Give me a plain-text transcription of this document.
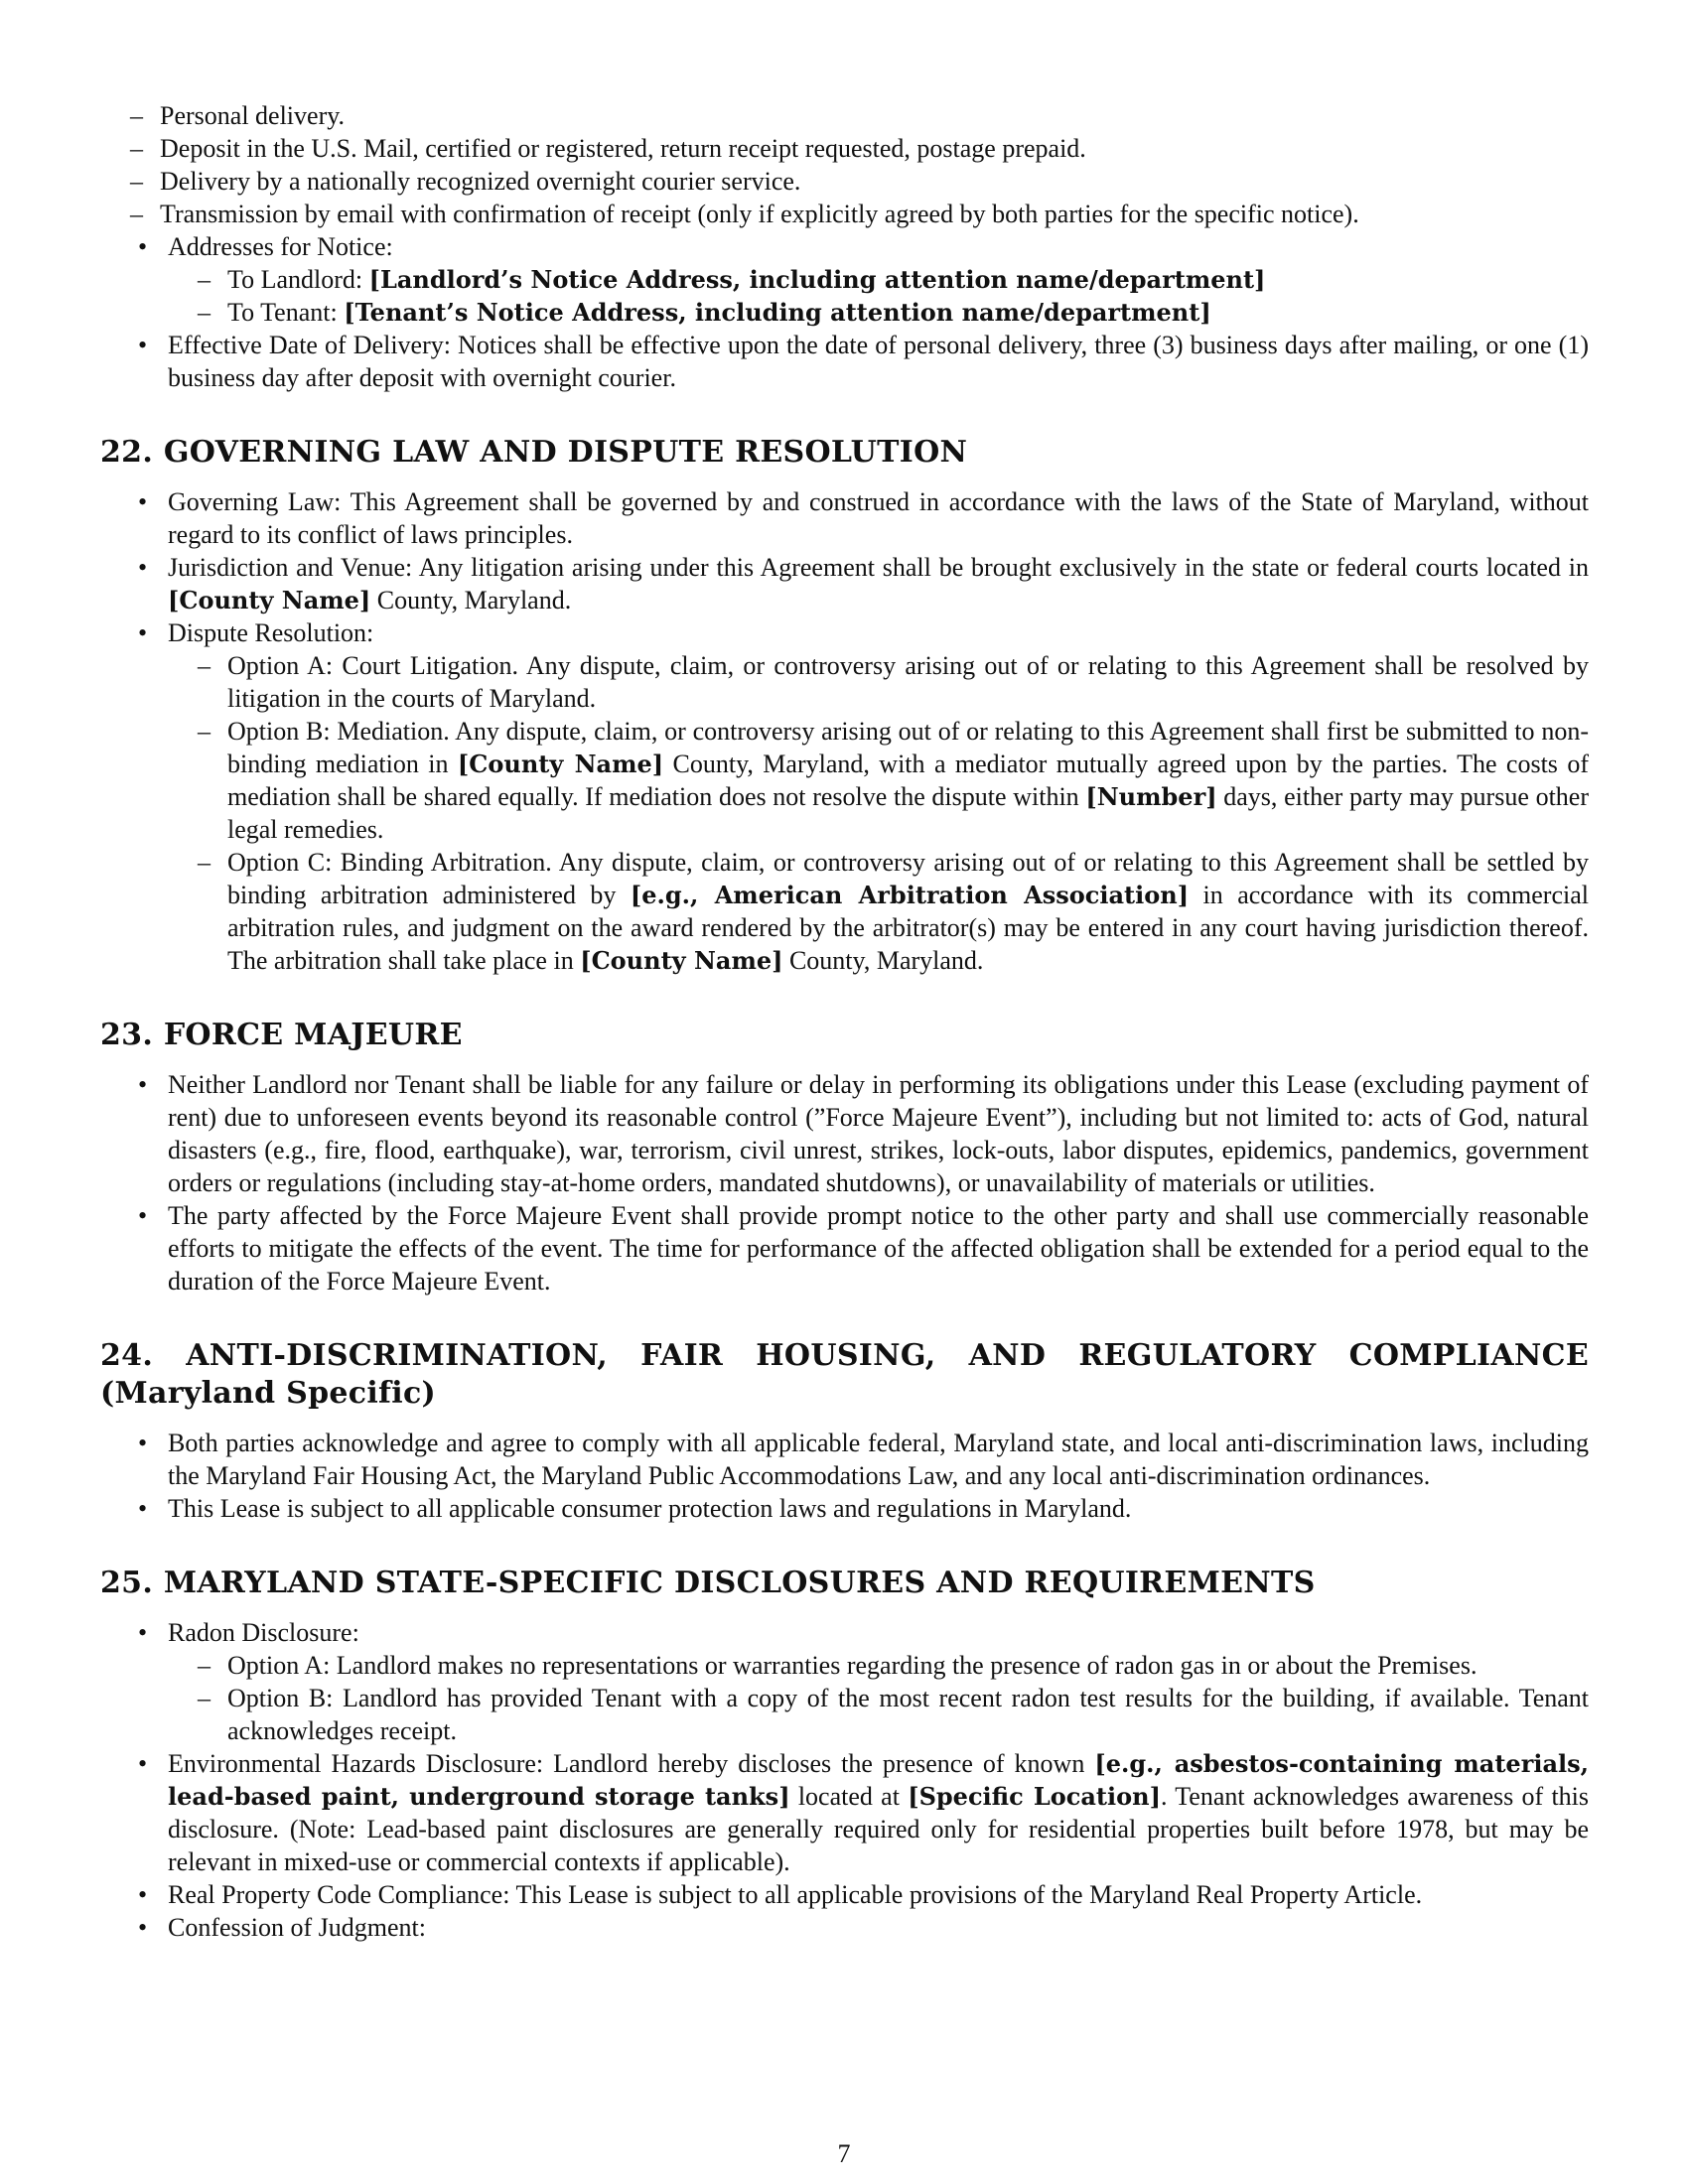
– Personal delivery.
– Deposit in the U.S. Mail, certified or registered, return receipt requested, postage prepaid.
– Delivery by a nationally recognized overnight courier service.
– Transmission by email with confirmation of receipt (only if explicitly agreed by both parties for the specific notice).
• Addresses for Notice:
– To Landlord: [Landlord’s Notice Address, including attention name/department]
– To Tenant: [Tenant’s Notice Address, including attention name/department]
• Effective Date of Delivery: Notices shall be effective upon the date of personal delivery, three (3) business days after mailing, or one (1) business day after deposit with overnight courier.
22. GOVERNING LAW AND DISPUTE RESOLUTION
• Governing Law: This Agreement shall be governed by and construed in accordance with the laws of the State of Maryland, without regard to its conflict of laws principles.
• Jurisdiction and Venue: Any litigation arising under this Agreement shall be brought exclusively in the state or federal courts located in [County Name] County, Maryland.
• Dispute Resolution:
– Option A: Court Litigation. Any dispute, claim, or controversy arising out of or relating to this Agreement shall be resolved by litigation in the courts of Maryland.
– Option B: Mediation. Any dispute, claim, or controversy arising out of or relating to this Agreement shall first be submitted to non-binding mediation in [County Name] County, Maryland, with a mediator mutually agreed upon by the parties. The costs of mediation shall be shared equally. If mediation does not resolve the dispute within [Number] days, either party may pursue other legal remedies.
– Option C: Binding Arbitration. Any dispute, claim, or controversy arising out of or relating to this Agreement shall be settled by binding arbitration administered by [e.g., American Arbitration Association] in accordance with its commercial arbitration rules, and judgment on the award rendered by the arbitrator(s) may be entered in any court having jurisdiction thereof. The arbitration shall take place in [County Name] County, Maryland.
23. FORCE MAJEURE
• Neither Landlord nor Tenant shall be liable for any failure or delay in performing its obligations under this Lease (excluding payment of rent) due to unforeseen events beyond its reasonable control (”Force Majeure Event”), including but not limited to: acts of God, natural disasters (e.g., fire, flood, earthquake), war, terrorism, civil unrest, strikes, lock-outs, labor disputes, epidemics, pandemics, government orders or regulations (including stay-at-home orders, mandated shutdowns), or unavailability of materials or utilities.
• The party affected by the Force Majeure Event shall provide prompt notice to the other party and shall use commercially reasonable efforts to mitigate the effects of the event. The time for performance of the affected obligation shall be extended for a period equal to the duration of the Force Majeure Event.
24. ANTI-DISCRIMINATION, FAIR HOUSING, AND REGULATORY COMPLIANCE (Maryland Specific)
• Both parties acknowledge and agree to comply with all applicable federal, Maryland state, and local anti-discrimination laws, including the Maryland Fair Housing Act, the Maryland Public Accommodations Law, and any local anti-discrimination ordinances.
• This Lease is subject to all applicable consumer protection laws and regulations in Maryland.
25. MARYLAND STATE-SPECIFIC DISCLOSURES AND REQUIREMENTS
• Radon Disclosure:
– Option A: Landlord makes no representations or warranties regarding the presence of radon gas in or about the Premises.
– Option B: Landlord has provided Tenant with a copy of the most recent radon test results for the building, if available. Tenant acknowledges receipt.
• Environmental Hazards Disclosure: Landlord hereby discloses the presence of known [e.g., asbestos-containing materials, lead-based paint, underground storage tanks] located at [Specific Location]. Tenant acknowledges awareness of this disclosure. (Note: Lead-based paint disclosures are generally required only for residential properties built before 1978, but may be relevant in mixed-use or commercial contexts if applicable).
• Real Property Code Compliance: This Lease is subject to all applicable provisions of the Maryland Real Property Article.
• Confession of Judgment:
7
